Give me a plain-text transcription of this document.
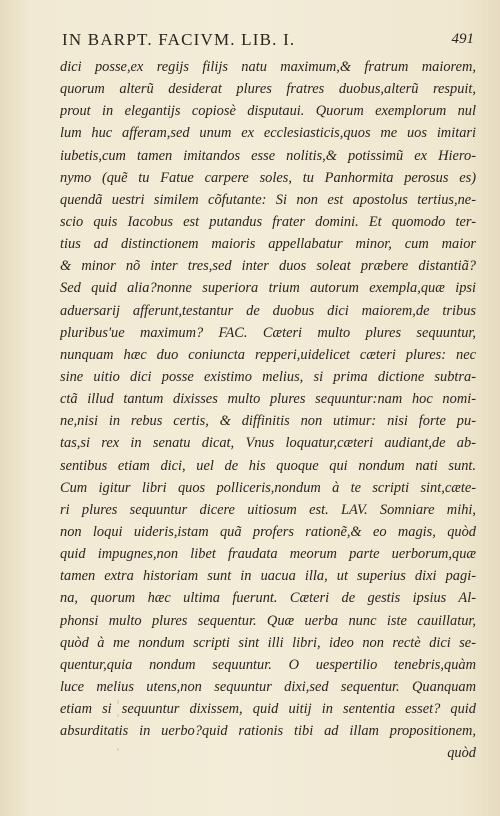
IN BARPT. FACIVM. LIB. I.	491
dici posse,ex regijs filijs natu maximum,& fratrum maiorem,
quorum alterũ desiderat plures fratres duobus,alterũ respuit,
prout in elegantijs copiosè disputaui. Quorum exemplorum nul
lum huc afferam,sed unum ex ecclesiasticis,quos me uos imitari
iubetis,cum tamen imitandos esse nolitis,& potissimũ ex Hiero-
nymo (quẽ tu Fatue carpere soles, tu Panhormita perosus es)
quendã uestri similem cõfutante: Si non est apostolus tertius,ne-
scio quis Iacobus est putandus frater domini. Et quomodo ter-
tius ad distinctionem maioris appellabatur minor, cum maior
& minor nõ inter tres,sed inter duos soleat præbere distantiã?
Sed quid alia?nonne superiora trium autorum exempla,quæ ipsi
aduersarij afferunt,testantur de duobus dici maiorem,de tribus
pluribus'ue maximum? FAC. Cæteri multo plures sequuntur,
nunquam hæc duo coniuncta repperi,uidelicet cæteri plures: nec
sine uitio dici posse existimo melius, si prima dictione subtra-
ctã illud tantum dixisses multo plures sequuntur:nam hoc nomi-
ne,nisi in rebus certis, & diffinitis non utimur: nisi forte pu-
tas,si rex in senatu dicat, Vnus loquatur,cæteri audiant,de ab-
sentibus etiam dici, uel de his quoque qui nondum nati sunt.
Cum igitur libri quos polliceris,nondum à te scripti sint,cæte-
ri plures sequuntur dicere uitiosum est. LAV. Somniare mihi,
non loqui uideris,istam quã profers rationẽ,& eo magis, quòd
quid impugnes,non libet fraudata meorum parte uerborum,quæ
tamen extra historiam sunt in uacua illa, ut superius dixi pagi-
na, quorum hæc ultima fuerunt. Cæteri de gestis ipsius Al-
phonsi multo plures sequentur. Quæ uerba nunc iste cauillatur,
quòd à me nondum scripti sint illi libri, ideo non rectè dici se-
quentur,quia nondum sequuntur. O uespertilio tenebris,quàm
luce melius utens,non sequuntur dixi,sed sequentur. Quanquam
etiam si sequuntur dixissem, quid uitij in sententia esset? quid
absurditatis in uerbo?quid rationis tibi ad illam propositionem,
quòd
